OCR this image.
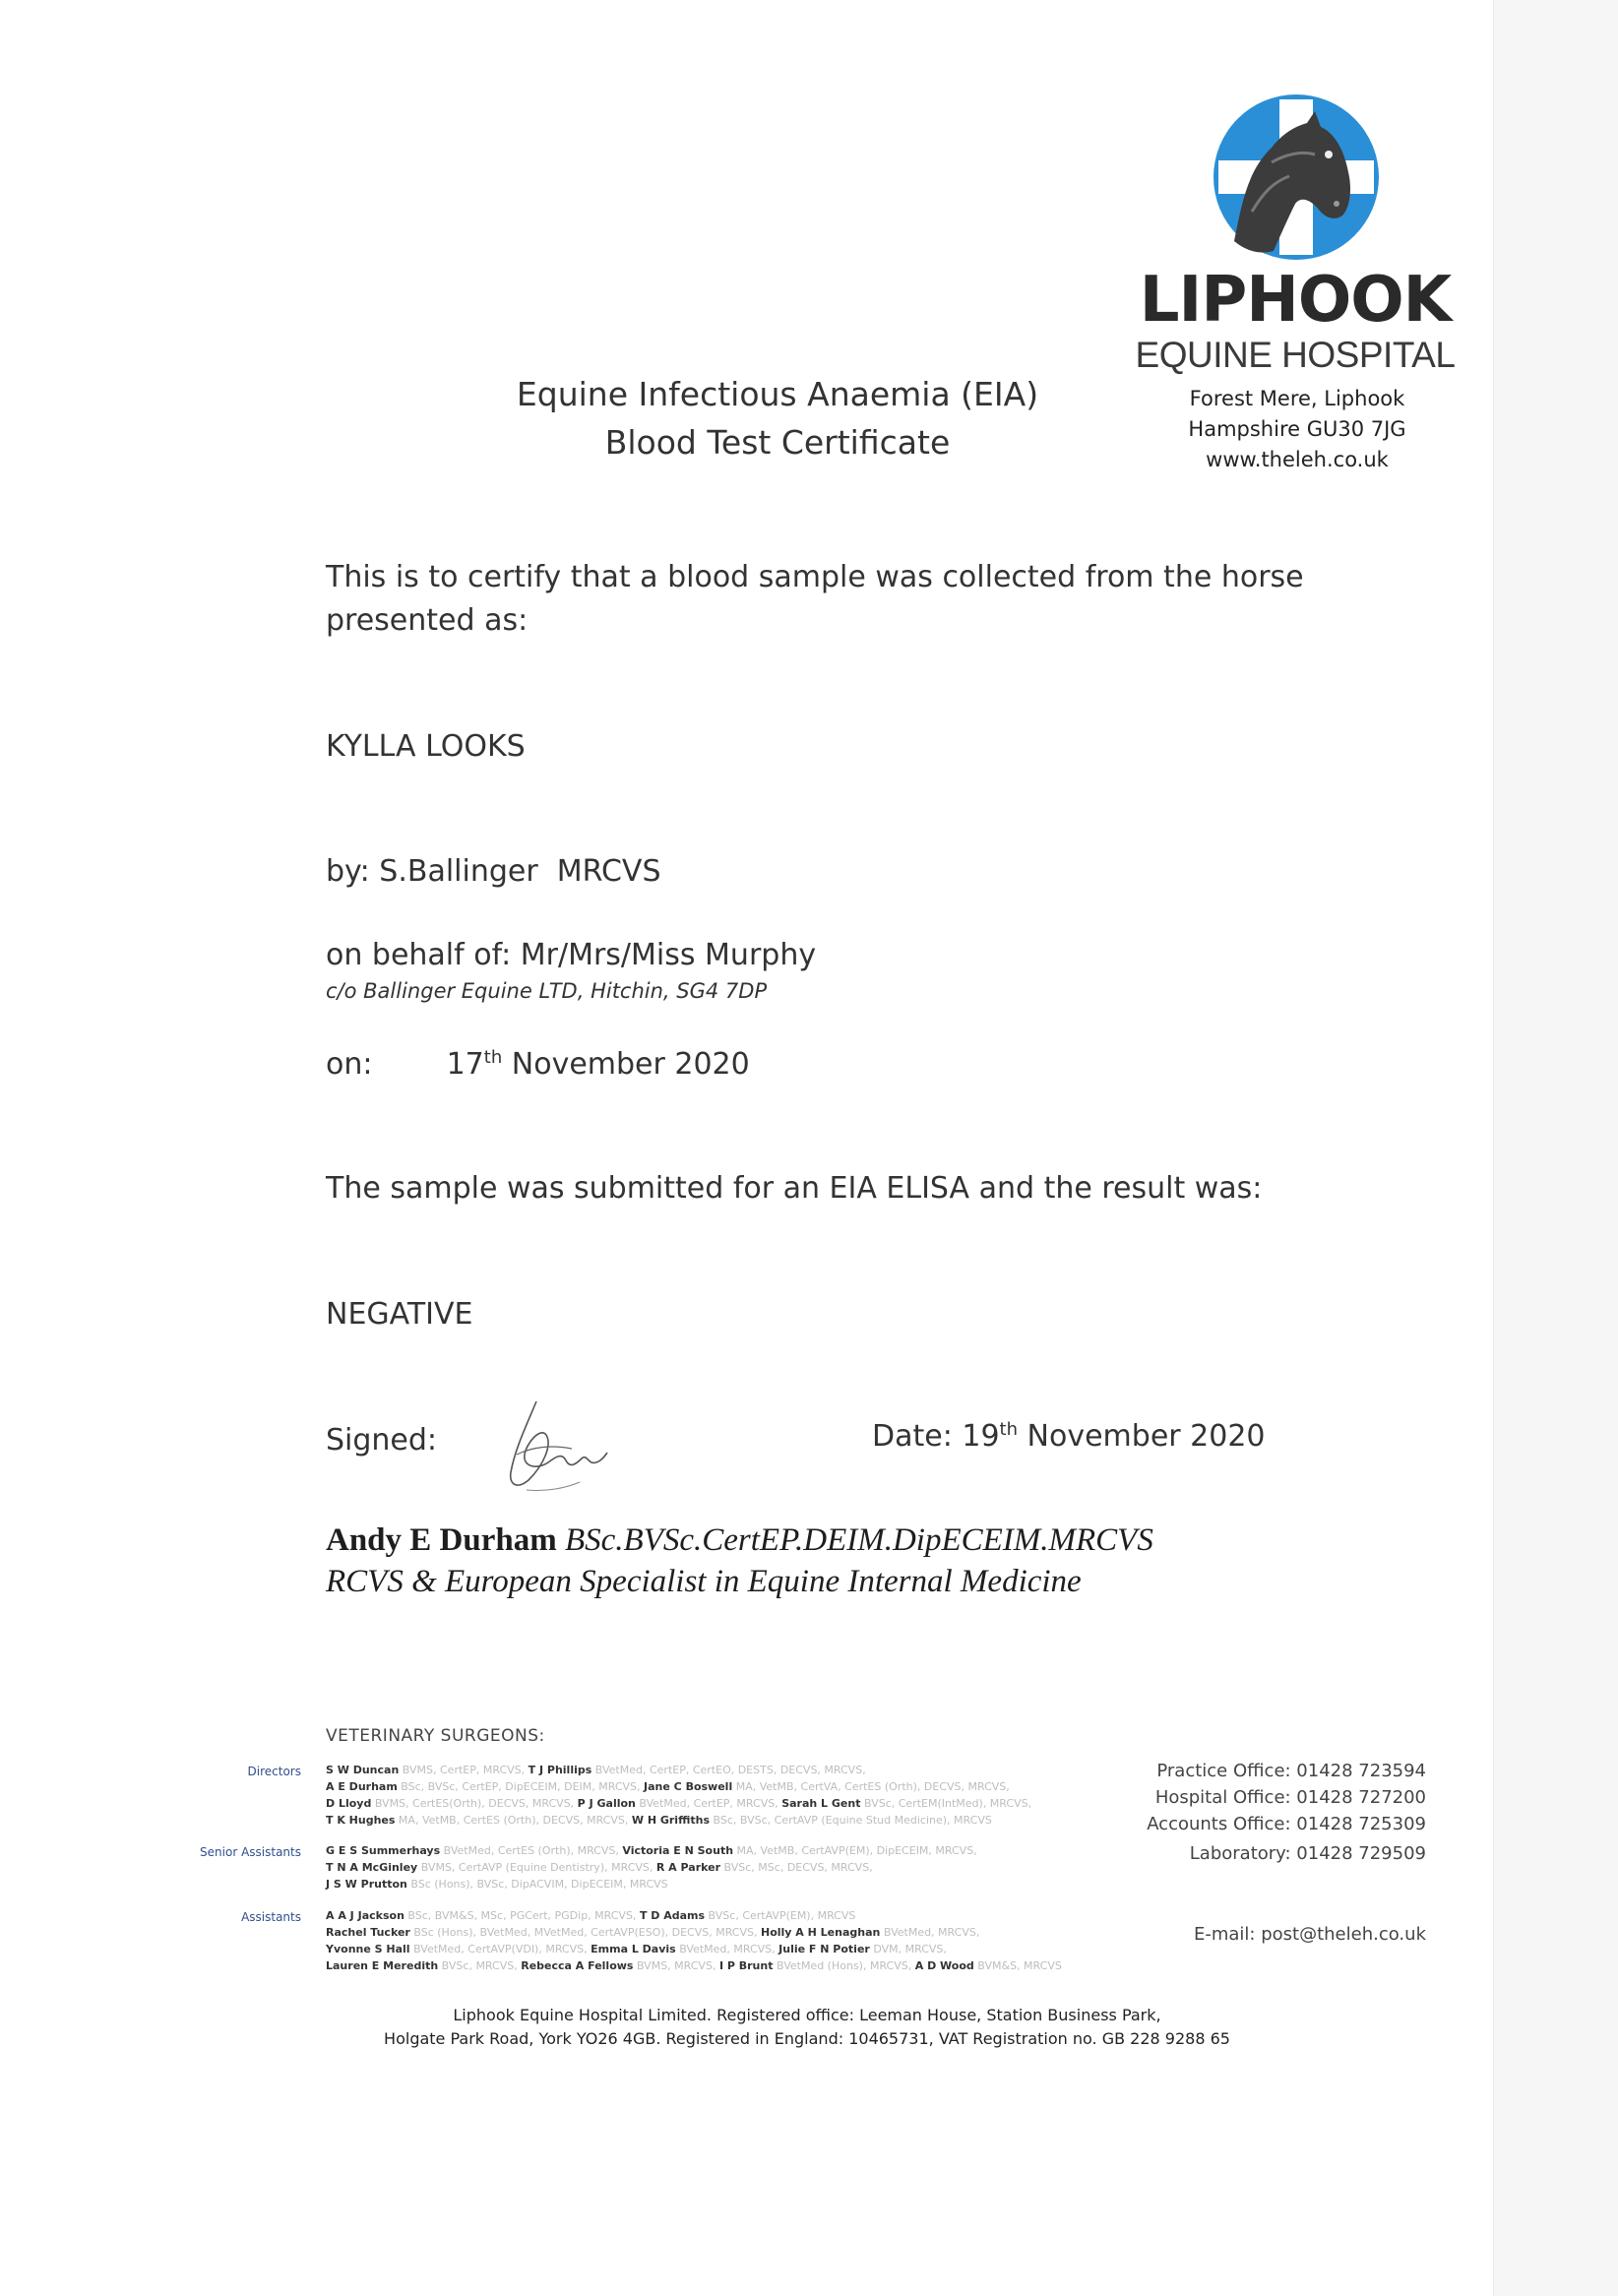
LIPHOOK
EQUINE HOSPITAL
Forest Mere, Liphook
Hampshire GU30 7JG
www.theleh.co.uk
Equine Infectious Anaemia (EIA)
Blood Test Certificate
This is to certify that a blood sample was collected from the horse
presented as:
KYLLA LOOKS
by: S.Ballinger  MRCVS
on behalf of: Mr/Mrs/Miss Murphy
c/o Ballinger Equine LTD, Hitchin, SG4 7DP
on:	17th November 2020
The sample was submitted for an EIA ELISA and the result was:
NEGATIVE
Signed:	Date: 19th November 2020
Andy E Durham BSc.BVSc.CertEP.DEIM.DipECEIM.MRCVS
RCVS & European Specialist in Equine Internal Medicine
VETERINARY SURGEONS:
Directors S W Duncan BVMS, CertEP, MRCVS, T J Phillips BVetMed, CertEP, CertEO, DESTS, DECVS, MRCVS,
A E Durham BSc, BVSc, CertEP, DipECEIM, DEIM, MRCVS, Jane C Boswell MA, VetMB, CertVA, CertES (Orth), DECVS, MRCVS,
D Lloyd BVMS, CertES(Orth), DECVS, MRCVS, P J Gallon BVetMed, CertEP, MRCVS, Sarah L Gent BVSc, CertEM(IntMed), MRCVS,
T K Hughes MA, VetMB, CertES (Orth), DECVS, MRCVS, W H Griffiths BSc, BVSc, CertAVP (Equine Stud Medicine), MRCVS
Senior Assistants G E S Summerhays BVetMed, CertES (Orth), MRCVS, Victoria E N South MA, VetMB, CertAVP(EM), DipECEIM, MRCVS,
T N A McGinley BVMS, CertAVP (Equine Dentistry), MRCVS, R A Parker BVSc, MSc, DECVS, MRCVS,
J S W Prutton BSc (Hons), BVSc, DipACVIM, DipECEIM, MRCVS
Assistants A A J Jackson BSc, BVM&S, MSc, PGCert, PGDip, MRCVS, T D Adams BVSc, CertAVP(EM), MRCVS
Rachel Tucker BSc (Hons), BVetMed, MVetMed, CertAVP(ESO), DECVS, MRCVS, Holly A H Lenaghan BVetMed, MRCVS,
Yvonne S Hall BVetMed, CertAVP(VDI), MRCVS, Emma L Davis BVetMed, MRCVS, Julie F N Potier DVM, MRCVS,
Lauren E Meredith BVSc, MRCVS, Rebecca A Fellows BVMS, MRCVS, I P Brunt BVetMed (Hons), MRCVS, A D Wood BVM&S, MRCVS
Practice Office: 01428 723594
Hospital Office: 01428 727200
Accounts Office: 01428 725309
Laboratory: 01428 729509
E-mail: post@theleh.co.uk
Liphook Equine Hospital Limited. Registered office: Leeman House, Station Business Park,
Holgate Park Road, York YO26 4GB. Registered in England: 10465731, VAT Registration no. GB 228 9288 65
